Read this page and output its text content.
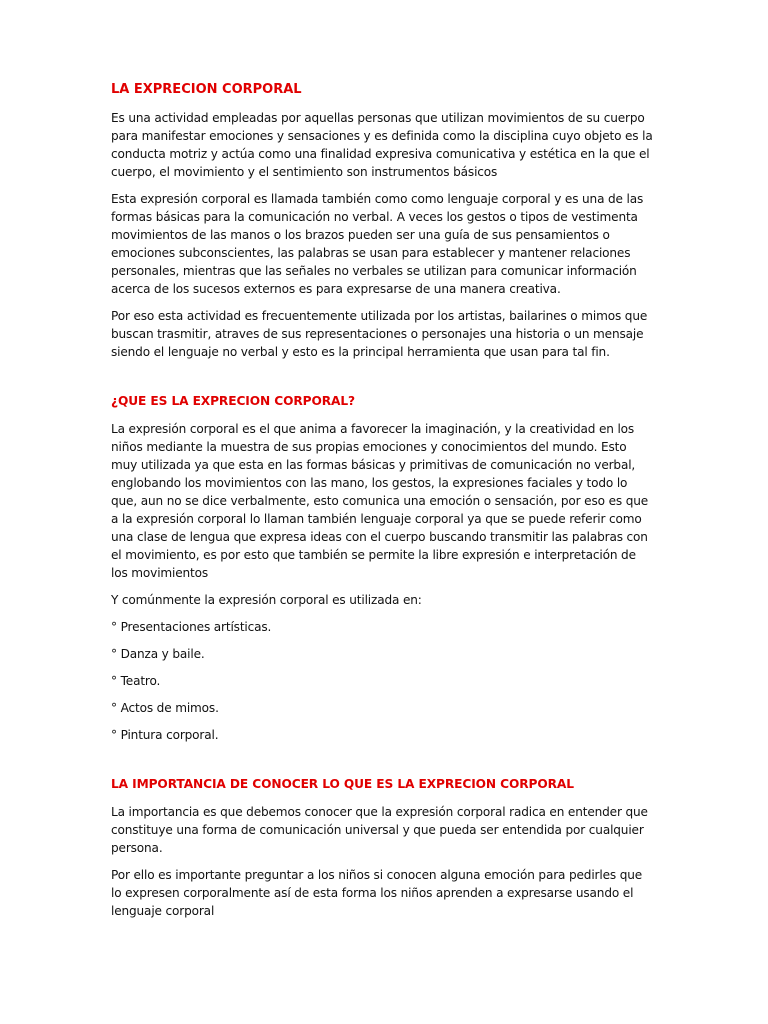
LA EXPRECION CORPORAL

Es una actividad empleadas por aquellas personas que utilizan movimientos de su cuerpo para manifestar emociones y sensaciones y es definida como la disciplina cuyo objeto es la conducta motriz y actúa como una finalidad expresiva comunicativa y estética en la que el cuerpo, el movimiento y el sentimiento son instrumentos básicos

Esta expresión corporal es llamada también como como lenguaje corporal y es una de las formas básicas para la comunicación no verbal. A veces los gestos o tipos de vestimenta movimientos de las manos o los brazos pueden ser una guía de sus pensamientos o emociones subconscientes, las palabras se usan para establecer y mantener relaciones personales, mientras que las señales no verbales se utilizan para comunicar información acerca de los sucesos externos es para expresarse de una manera creativa.

Por eso esta actividad es frecuentemente utilizada por los artistas, bailarines o mimos que buscan trasmitir, atraves de sus representaciones o personajes una historia o un mensaje siendo el lenguaje no verbal y esto es la principal herramienta que usan para tal fin.

¿QUE ES LA EXPRECION CORPORAL?

La expresión corporal es el que anima a favorecer la imaginación, y la creatividad en los niños mediante la muestra de sus propias emociones y conocimientos del mundo. Esto muy utilizada ya que esta en las formas básicas y primitivas de comunicación no verbal, englobando los movimientos con las mano, los gestos, la expresiones faciales y todo lo que, aun no se dice verbalmente, esto comunica una emoción o sensación, por eso es que a la expresión corporal lo llaman también lenguaje corporal ya que se puede referir como una clase de lengua que expresa ideas con el cuerpo buscando transmitir las palabras con el movimiento, es por esto que también se permite la libre expresión e interpretación de los movimientos

Y comúnmente la expresión corporal es utilizada en:

° Presentaciones artísticas.

° Danza y baile.

° Teatro.

° Actos de mimos.

° Pintura corporal.

LA IMPORTANCIA DE CONOCER LO QUE ES LA EXPRECION CORPORAL

La importancia es que debemos conocer que la expresión corporal radica en entender que constituye una forma de comunicación universal y que pueda ser entendida por cualquier persona.

Por ello es importante preguntar a los niños si conocen alguna emoción para pedirles que lo expresen corporalmente así de esta forma los niños aprenden a expresarse usando el lenguaje corporal
